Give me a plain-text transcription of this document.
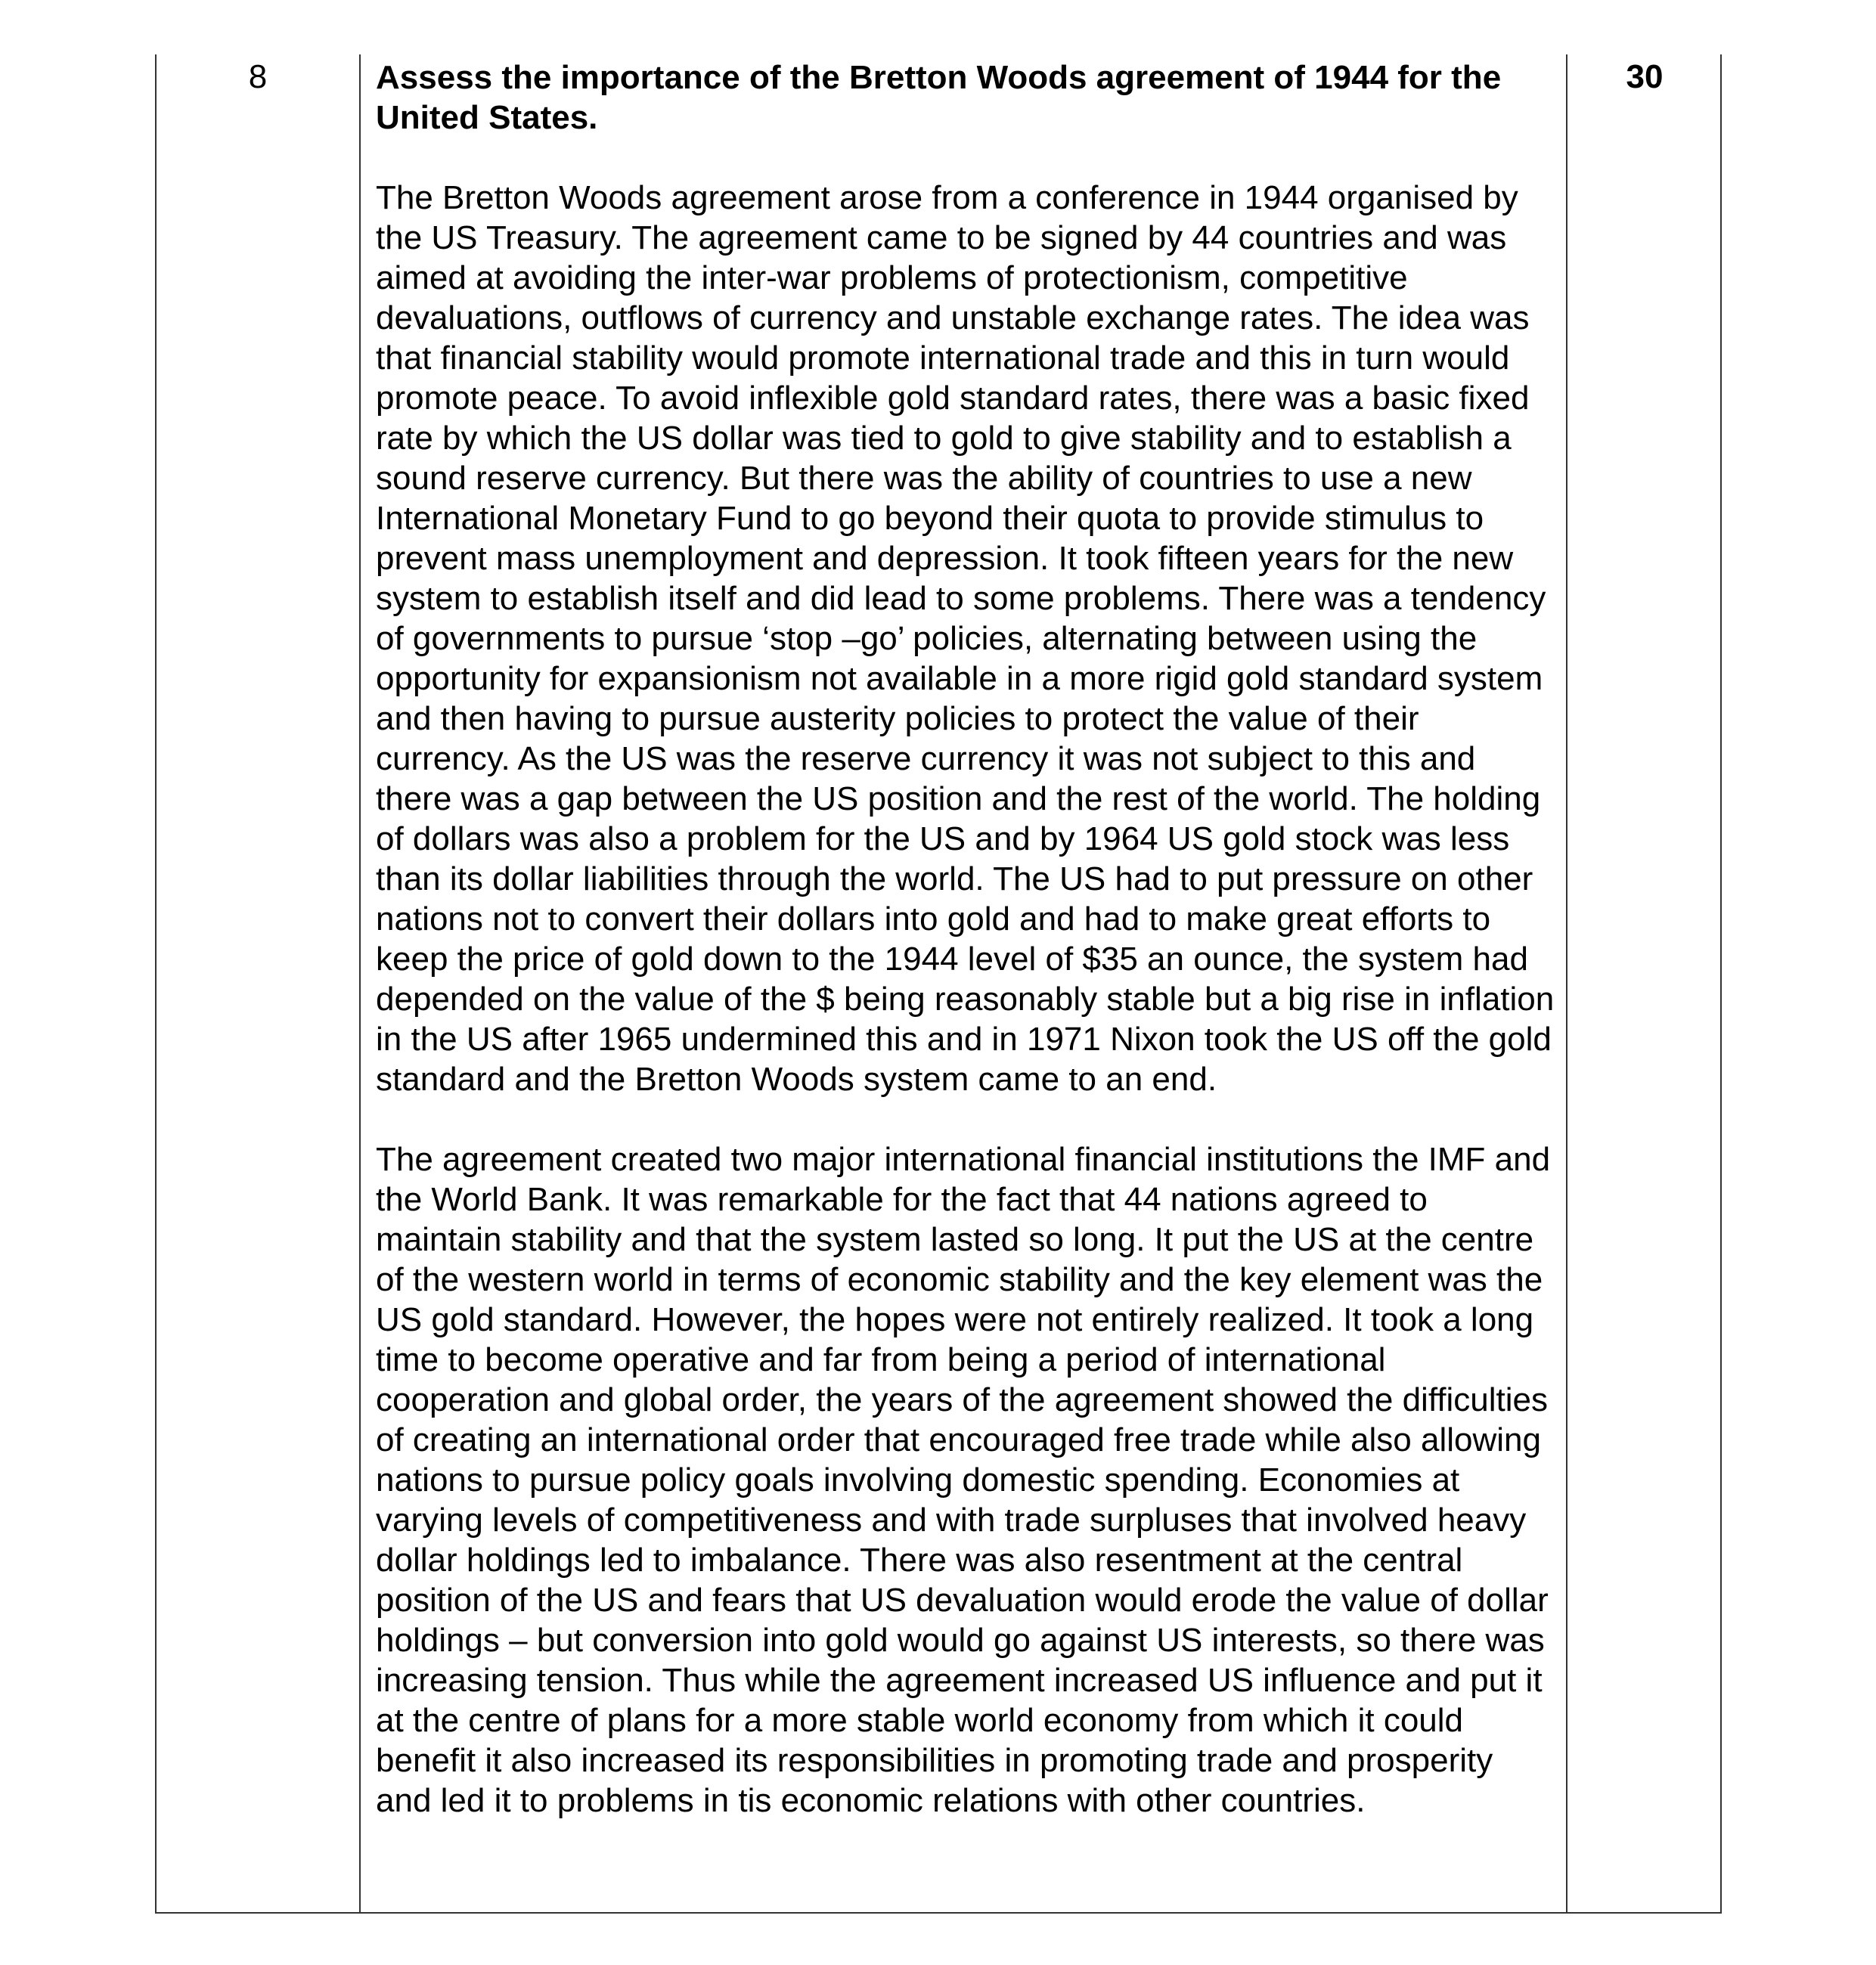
8	Assess the importance of the Bretton Woods agreement of 1944 for the United States.

The Bretton Woods agreement arose from a conference in 1944 organised by the US Treasury. The agreement came to be signed by 44 countries and was aimed at avoiding the inter-war problems of protectionism, competitive devaluations, outflows of currency and unstable exchange rates. The idea was that financial stability would promote international trade and this in turn would promote peace. To avoid inflexible gold standard rates, there was a basic fixed rate by which the US dollar was tied to gold to give stability and to establish a sound reserve currency. But there was the ability of countries to use a new International Monetary Fund to go beyond their quota to provide stimulus to prevent mass unemployment and depression. It took fifteen years for the new system to establish itself and did lead to some problems. There was a tendency of governments to pursue ‘stop –go’ policies, alternating between using the opportunity for expansionism not available in a more rigid gold standard system and then having to pursue austerity policies to protect the value of their currency. As the US was the reserve currency it was not subject to this and there was a gap between the US position and the rest of the world. The holding of dollars was also a problem for the US and by 1964 US gold stock was less than its dollar liabilities through the world. The US had to put pressure on other nations not to convert their dollars into gold and had to make great efforts to keep the price of gold down to the 1944 level of $35 an ounce, the system had depended on the value of the $ being reasonably stable but a big rise in inflation in the US after 1965 undermined this and in 1971 Nixon took the US off the gold standard and the Bretton Woods system came to an end.

The agreement created two major international financial institutions the IMF and the World Bank. It was remarkable for the fact that 44 nations agreed to maintain stability and that the system lasted so long. It put the US at the centre of the western world in terms of economic stability and the key element was the US gold standard. However, the hopes were not entirely realized. It took a long time to become operative and far from being a period of international cooperation and global order, the years of the agreement showed the difficulties of creating an international order that encouraged free trade while also allowing nations to pursue policy goals involving domestic spending. Economies at varying levels of competitiveness and with trade surpluses that involved heavy dollar holdings led to imbalance. There was also resentment at the central position of the US and fears that US devaluation would erode the value of dollar holdings – but conversion into gold would go against US interests, so there was increasing tension. Thus while the agreement increased US influence and put it at the centre of plans for a more stable world economy from which it could benefit it also increased its responsibilities in promoting trade and prosperity and led it to problems in tis economic relations with other countries.

30
